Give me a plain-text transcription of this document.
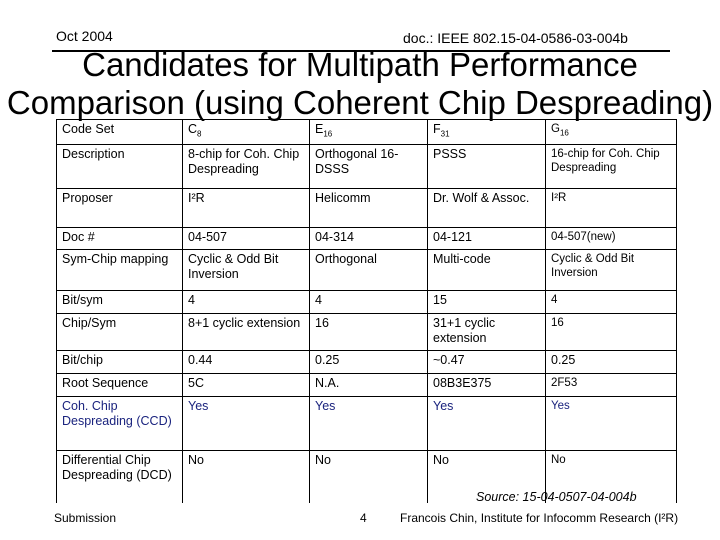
Oct 2004	doc.: IEEE 802.15-04-0586-03-004b
Candidates for Multipath Performance Comparison (using Coherent Chip Despreading)
Code Set	$C_8$	$E_{16}$	$F_{31}$	$G_{16}$
Description	8-chip for Coh. Chip Despreading	Orthogonal 16-DSSS	PSSS	16-chip for Coh. Chip Despreading
Proposer	I²R	Helicomm	Dr. Wolf & Assoc.	I²R
Doc #	04-507	04-314	04-121	04-507(new)
Sym-Chip mapping	Cyclic & Odd Bit Inversion	Orthogonal	Multi-code	Cyclic & Odd Bit Inversion
Bit/sym	4	4	15	4
Chip/Sym	8+1 cyclic extension	16	31+1 cyclic extension	16
Bit/chip	0.44	0.25	~0.47	0.25
Root Sequence	5C	N.A.	08B3E375	2F53
Coh. Chip Despreading (CCD)	Yes	Yes	Yes	Yes
Differential Chip Despreading (DCD)	No	No	No	No
Source: 15-04-0507-04-004b
Submission	4	Francois Chin, Institute for Infocomm Research (I²R)
